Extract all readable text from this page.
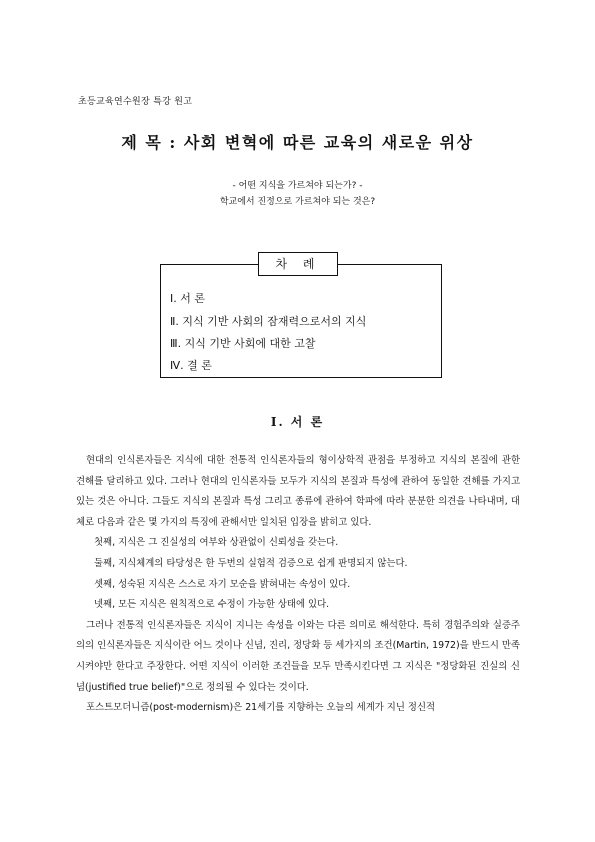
초등교육연수원장 특강 원고
제 목 : 사회 변혁에 따른 교육의 새로운 위상
- 어떤 지식을 가르쳐야 되는가? -
학교에서 진정으로 가르쳐야 되는 것은?
차 례
Ⅰ. 서 론
Ⅱ. 지식 기반 사회의 잠재력으로서의 지식
Ⅲ. 지식 기반 사회에 대한 고찰
Ⅳ. 결 론
Ⅰ. 서 론

현대의 인식론자들은 지식에 대한 전통적 인식론자들의 형이상학적 관점을 부정하고 지식의 본질에 관한 견해를 달리하고 있다. 그러나 현대의 인식론자들 모두가 지식의 본질과 특성에 관하여 동일한 견해를 가지고 있는 것은 아니다. 그들도 지식의 본질과 특성 그리고 종류에 관하여 학파에 따라 분분한 의견을 나타내며, 대체로 다음과 같은 몇 가지의 특징에 관해서만 일치된 입장을 밝히고 있다.

첫째, 지식은 그 진실성의 여부와 상관없이 신뢰성을 갖는다.

둘째, 지식체계의 타당성은 한 두번의 실험적 검증으로 쉽게 판명되지 않는다.

셋째, 성숙된 지식은 스스로 자기 모순을 밝혀내는 속성이 있다.

넷째, 모든 지식은 원칙적으로 수정이 가능한 상태에 있다.

그러나 전통적 인식론자들은 지식이 지니는 속성을 이와는 다른 의미로 해석한다. 특히 경험주의와 실증주의의 인식론자들은 지식이란 어느 것이나 신념, 진리, 정당화 등 세가지의 조건(Martin, 1972)을 반드시 만족시켜야만 한다고 주장한다. 어떤 지식이 이러한 조건들을 모두 만족시킨다면 그 지식은 "정당화된 진실의 신념(justified true belief)"으로 정의될 수 있다는 것이다.

포스트모더니즘(post-modernism)은 21세기를 지향하는 오늘의 세계가 지닌 정신적
